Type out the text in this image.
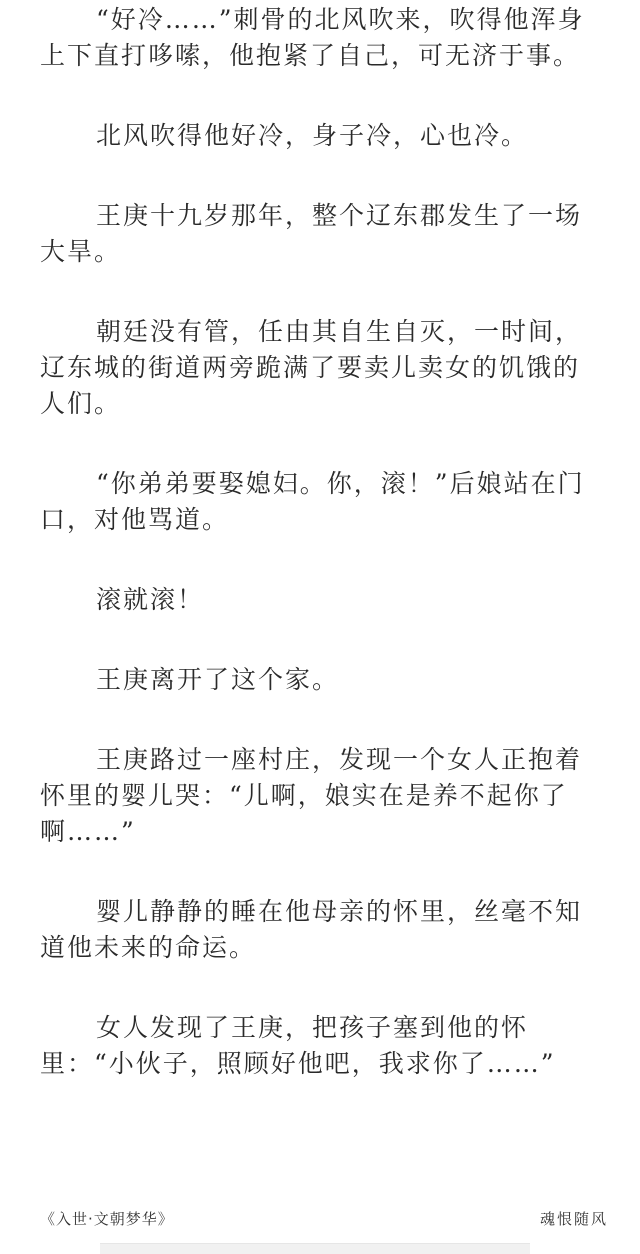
“好冷……”刺骨的北风吹来，吹得他浑身上下直打哆嗦，他抱紧了自己，可无济于事。

北风吹得他好冷，身子冷，心也冷。

王庚十九岁那年，整个辽东郡发生了一场大旱。

朝廷没有管，任由其自生自灭，一时间，辽东城的街道两旁跪满了要卖儿卖女的饥饿的人们。

“你弟弟要娶媳妇。你，滚！”后娘站在门口，对他骂道。

滚就滚！

王庚离开了这个家。

王庚路过一座村庄，发现一个女人正抱着怀里的婴儿哭：“儿啊，娘实在是养不起你了啊……”

婴儿静静的睡在他母亲的怀里，丝毫不知道他未来的命运。

女人发现了王庚，把孩子塞到他的怀里：“小伙子，照顾好他吧，我求你了……”

《入世·文朝梦华》	魂恨随风
